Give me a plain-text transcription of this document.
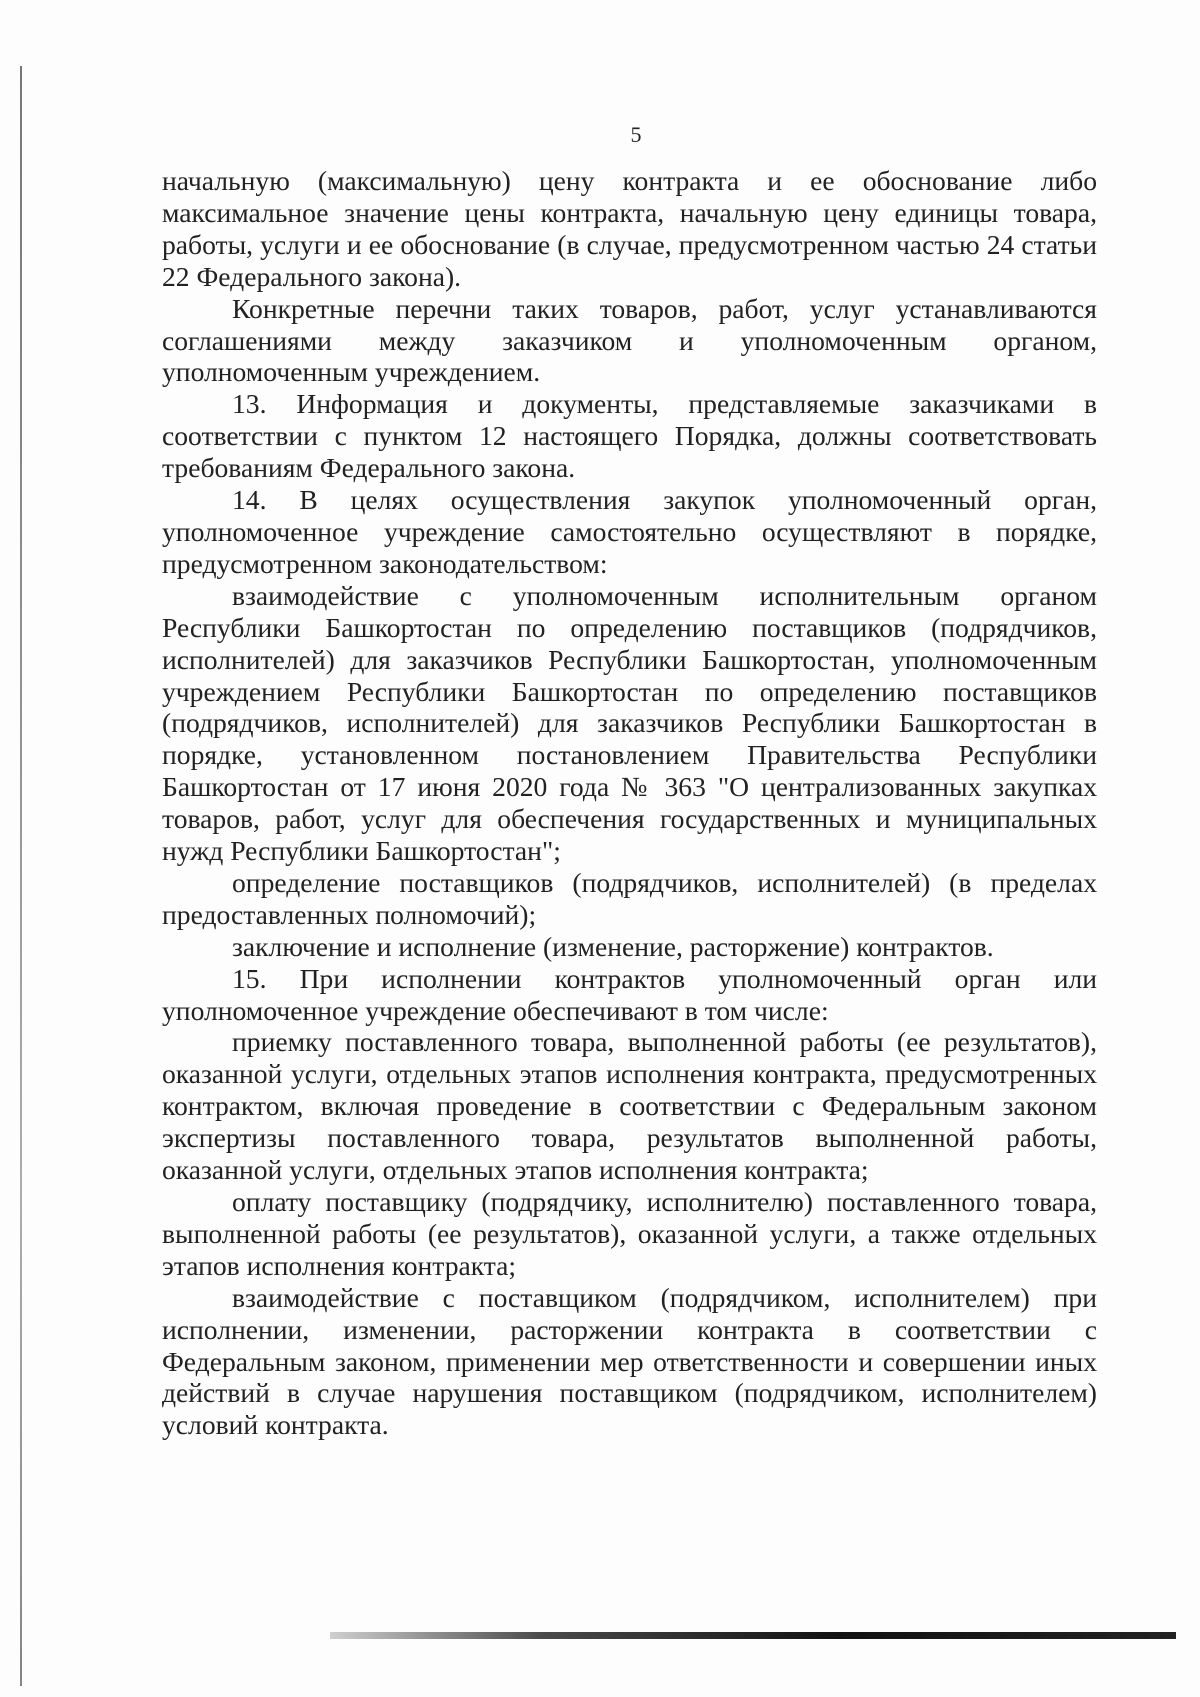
5

начальную (максимальную) цену контракта и ее обоснование либо максимальное значение цены контракта, начальную цену единицы товара, работы, услуги и ее обоснование (в случае, предусмотренном частью 24 статьи 22 Федерального закона).

Конкретные перечни таких товаров, работ, услуг устанавливаются соглашениями между заказчиком и уполномоченным органом, уполномоченным учреждением.

13. Информация и документы, представляемые заказчиками в соответствии с пунктом 12 настоящего Порядка, должны соответствовать требованиям Федерального закона.

14. В целях осуществления закупок уполномоченный орган, уполномоченное учреждение самостоятельно осуществляют в порядке, предусмотренном законодательством:

взаимодействие с уполномоченным исполнительным органом Республики Башкортостан по определению поставщиков (подрядчиков, исполнителей) для заказчиков Республики Башкортостан, уполномоченным учреждением Республики Башкортостан по определению поставщиков (подрядчиков, исполнителей) для заказчиков Республики Башкортостан в порядке, установленном постановлением Правительства Республики Башкортостан от 17 июня 2020 года № 363 "О централизованных закупках товаров, работ, услуг для обеспечения государственных и муниципальных нужд Республики Башкортостан";

определение поставщиков (подрядчиков, исполнителей) (в пределах предоставленных полномочий);

заключение и исполнение (изменение, расторжение) контрактов.

15. При исполнении контрактов уполномоченный орган или уполномоченное учреждение обеспечивают в том числе:

приемку поставленного товара, выполненной работы (ее результатов), оказанной услуги, отдельных этапов исполнения контракта, предусмотренных контрактом, включая проведение в соответствии с Федеральным законом экспертизы поставленного товара, результатов выполненной работы, оказанной услуги, отдельных этапов исполнения контракта;

оплату поставщику (подрядчику, исполнителю) поставленного товара, выполненной работы (ее результатов), оказанной услуги, а также отдельных этапов исполнения контракта;

взаимодействие с поставщиком (подрядчиком, исполнителем) при исполнении, изменении, расторжении контракта в соответствии с Федеральным законом, применении мер ответственности и совершении иных действий в случае нарушения поставщиком (подрядчиком, исполнителем) условий контракта.
